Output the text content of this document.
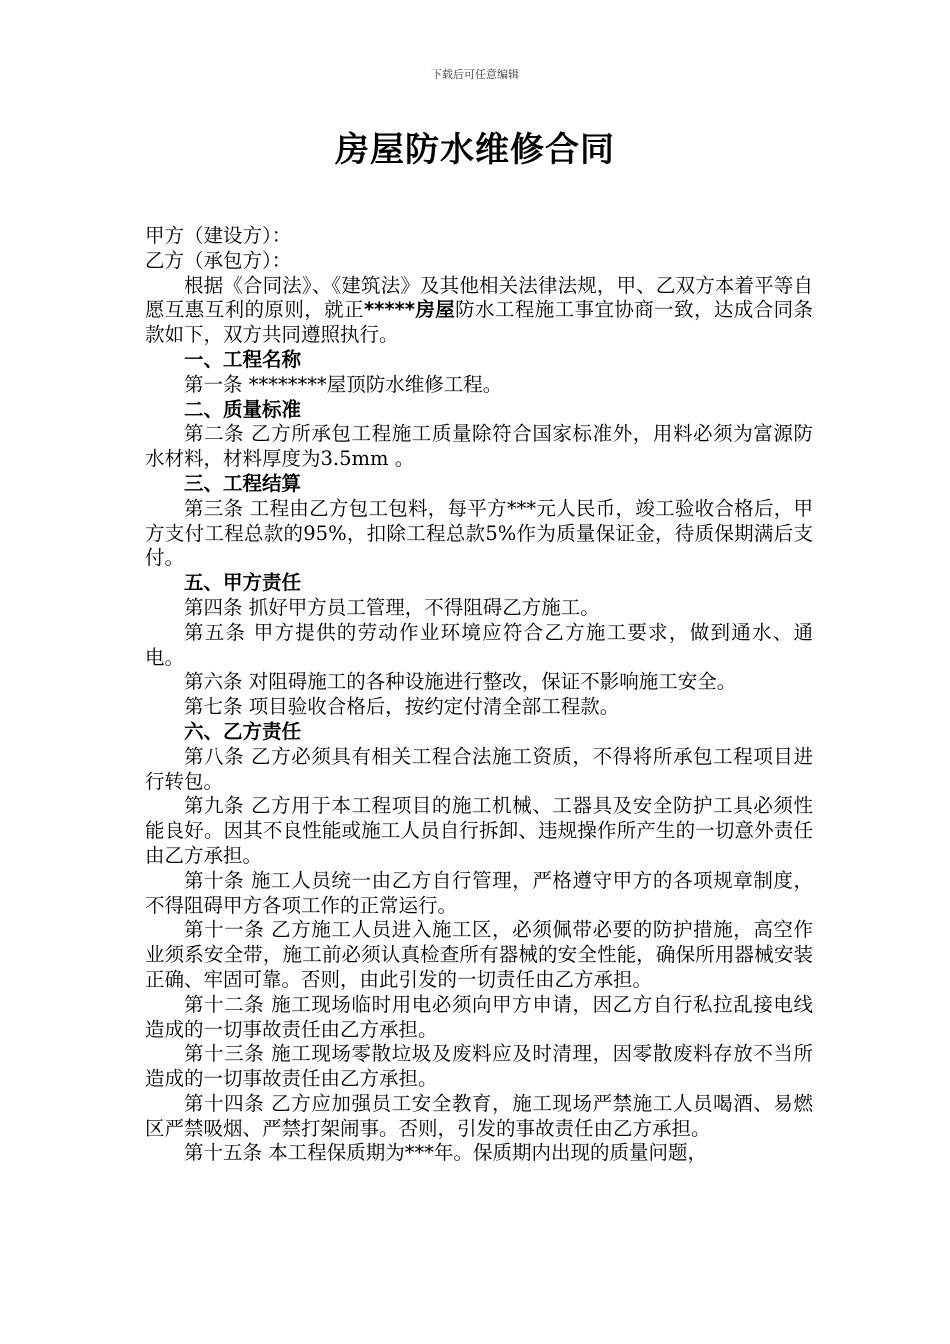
下载后可任意编辑
房屋防水维修合同

甲方（建设方）：

乙方（承包方）：

根据《合同法》、《建筑法》及其他相关法律法规，甲、乙双方本着平等自愿互惠互利的原则，就正*****房屋防水工程施工事宜协商一致，达成合同条款如下，双方共同遵照执行。

一、工程名称

第一条 ********屋顶防水维修工程。

二、质量标准

第二条 乙方所承包工程施工质量除符合国家标准外，用料必须为富源防水材料，材料厚度为3.5mm 。

三、工程结算

第三条 工程由乙方包工包料，每平方***元人民币，竣工验收合格后，甲方支付工程总款的95%，扣除工程总款5%作为质量保证金，待质保期满后支付。

五、甲方责任

第四条 抓好甲方员工管理，不得阻碍乙方施工。

第五条 甲方提供的劳动作业环境应符合乙方施工要求，做到通水、通电。

第六条 对阻碍施工的各种设施进行整改，保证不影响施工安全。

第七条 项目验收合格后，按约定付清全部工程款。

六、乙方责任

第八条 乙方必须具有相关工程合法施工资质，不得将所承包工程项目进行转包。

第九条 乙方用于本工程项目的施工机械、工器具及安全防护工具必须性能良好。因其不良性能或施工人员自行拆卸、违规操作所产生的一切意外责任由乙方承担。

第十条 施工人员统一由乙方自行管理，严格遵守甲方的各项规章制度，不得阻碍甲方各项工作的正常运行。

第十一条 乙方施工人员进入施工区，必须佩带必要的防护措施，高空作业须系安全带，施工前必须认真检查所有器械的安全性能，确保所用器械安装正确、牢固可靠。否则，由此引发的一切责任由乙方承担。

第十二条 施工现场临时用电必须向甲方申请，因乙方自行私拉乱接电线造成的一切事故责任由乙方承担。

第十三条 施工现场零散垃圾及废料应及时清理，因零散废料存放不当所造成的一切事故责任由乙方承担。

第十四条 乙方应加强员工安全教育，施工现场严禁施工人员喝酒、易燃区严禁吸烟、严禁打架闹事。否则，引发的事故责任由乙方承担。

第十五条 本工程保质期为***年。保质期内出现的质量问题，
